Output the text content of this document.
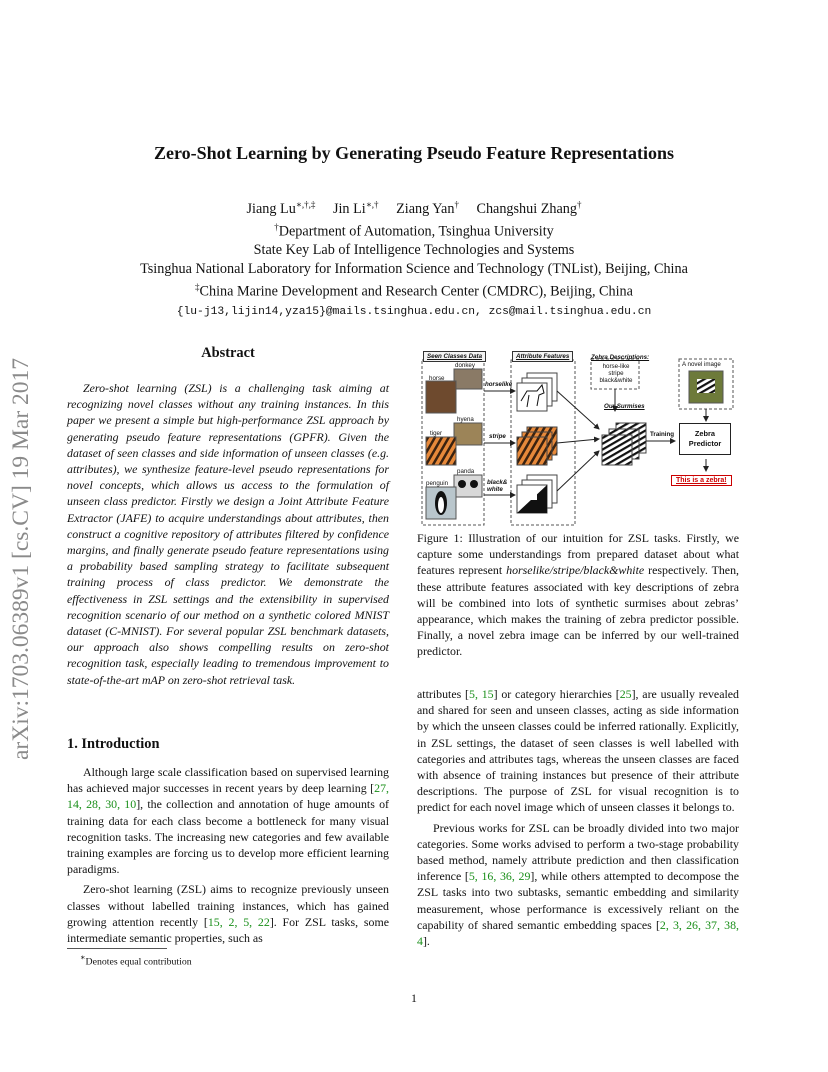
arXiv:1703.06389v1 [cs.CV] 19 Mar 2017
Zero-Shot Learning by Generating Pseudo Feature Representations
Jiang Lu∗,†,‡ Jin Li∗,† Ziang Yan† Changshui Zhang†
†Department of Automation, Tsinghua University
State Key Lab of Intelligence Technologies and Systems
Tsinghua National Laboratory for Information Science and Technology (TNList), Beijing, China
‡China Marine Development and Research Center (CMDRC), Beijing, China
{lu-j13,lijin14,yza15}@mails.tsinghua.edu.cn, zcs@mail.tsinghua.edu.cn
Abstract

Zero-shot learning (ZSL) is a challenging task aiming at recognizing novel classes without any training instances. In this paper we present a simple but high-performance ZSL approach by generating pseudo feature representations (GPFR). Given the dataset of seen classes and side information of unseen classes (e.g. attributes), we synthesize feature-level pseudo representations for novel concepts, which allows us access to the formulation of unseen class predictor. Firstly we design a Joint Attribute Feature Extractor (JAFE) to acquire understandings about attributes, then construct a cognitive repository of attributes filtered by confidence margins, and finally generate pseudo feature representations using a probability based sampling strategy to facilitate subsequent training process of class predictor. We demonstrate the effectiveness in ZSL settings and the extensibility in supervised recognition scenario of our method on a synthetic colored MNIST dataset (C-MNIST). For several popular ZSL benchmark datasets, our approach also shows compelling results on zero-shot recognition task, especially leading to tremendous improvement to state-of-the-art mAP on zero-shot retrieval task.

1. Introduction

Although large scale classification based on supervised learning has achieved major successes in recent years by deep learning [27, 14, 28, 30, 10], the collection and annotation of huge amounts of training data for each class become a bottleneck for many visual recognition tasks. The increasing new categories and few available training examples are forcing us to develop more efficient learning paradigms.

Zero-shot learning (ZSL) aims to recognize previously unseen classes without labelled training instances, which has gained growing attention recently [15, 2, 5, 22]. For ZSL tasks, some intermediate semantic properties, such as

∗Denotes equal contribution
Seen Classes Data	Attribute Features	Zebra Descriptions:
horse-like
stripe
black&white
Our Surmises
donkey
horse
hyena
tiger
panda
penguin
horselike
stripe
black&
white
A novel image
Training	Zebra
Predictor
This is a zebra!

Figure 1: Illustration of our intuition for ZSL tasks. Firstly, we capture some understandings from prepared dataset about what features represent horselike/stripe/black&white respectively. Then, these attribute features associated with key descriptions of zebra will be combined into lots of synthetic surmises about zebras’ appearance, which makes the training of zebra predictor possible. Finally, a novel zebra image can be inferred by our well-trained predictor.

attributes [5, 15] or category hierarchies [25], are usually revealed and shared for seen and unseen classes, acting as side information by which the unseen classes could be inferred rationally. Explicitly, in ZSL settings, the dataset of seen classes is well labelled with categories and attributes tags, whereas the unseen classes are faced with absence of training instances but presence of their attribute descriptions. The purpose of ZSL for visual recognition is to predict for each novel image which of unseen classes it belongs to.

Previous works for ZSL can be broadly divided into two major categories. Some works advised to perform a two-stage probability based method, namely attribute prediction and then classification inference [5, 16, 36, 29], while others attempted to decompose the ZSL tasks into two subtasks, semantic embedding and similarity measurement, whose performance is excessively reliant on the capability of shared semantic embedding spaces [2, 3, 26, 37, 38, 4].

1
